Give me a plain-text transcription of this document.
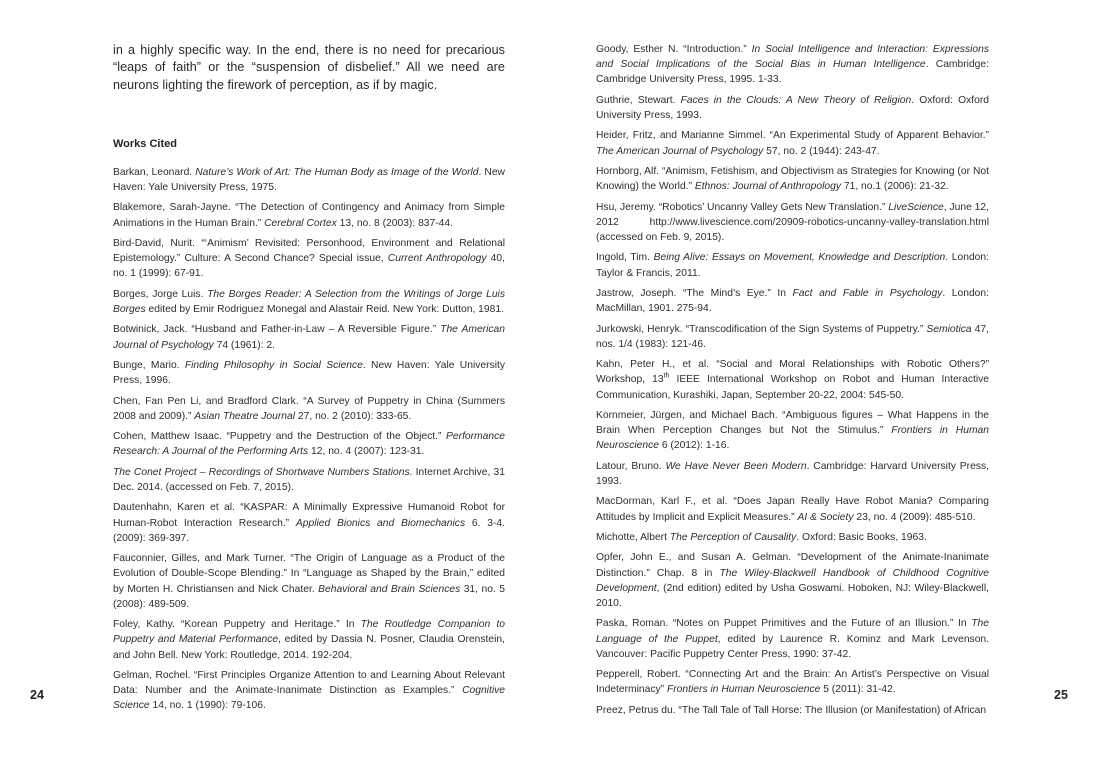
in a highly specific way. In the end, there is no need for precarious “leaps of faith” or the “suspension of disbelief.” All we need are neurons lighting the firework of perception, as if by magic.

Works Cited

Barkan, Leonard. Nature’s Work of Art: The Human Body as Image of the World. New Haven: Yale University Press, 1975.

Blakemore, Sarah-Jayne. “The Detection of Contingency and Animacy from Simple Animations in the Human Brain.” Cerebral Cortex 13, no. 8 (2003): 837-44.

Bird-David, Nurit. “‘Animism’ Revisited: Personhood, Environment and Relational Epistemology.” Culture: A Second Chance? Special issue, Current Anthropology 40, no. 1 (1999): 67-91.

Borges, Jorge Luis. The Borges Reader: A Selection from the Writings of Jorge Luis Borges edited by Emir Rodriguez Monegal and Alastair Reid. New York: Dutton, 1981.

Botwinick, Jack. “Husband and Father-in-Law – A Reversible Figure.” The American Journal of Psychology 74 (1961): 2.

Bunge, Mario. Finding Philosophy in Social Science. New Haven: Yale University Press, 1996.

Chen, Fan Pen Li, and Bradford Clark. “A Survey of Puppetry in China (Summers 2008 and 2009).” Asian Theatre Journal 27, no. 2 (2010): 333-65.

Cohen, Matthew Isaac. “Puppetry and the Destruction of the Object.” Performance Research: A Journal of the Performing Arts 12, no. 4 (2007): 123-31.

The Conet Project – Recordings of Shortwave Numbers Stations. Internet Archive, 31 Dec. 2014. (accessed on Feb. 7, 2015).

Dautenhahn, Karen et al. “KASPAR: A Minimally Expressive Humanoid Robot for Human-Robot Interaction Research.” Applied Bionics and Biomechanics 6. 3-4. (2009): 369-397.

Fauconnier, Gilles, and Mark Turner. “The Origin of Language as a Product of the Evolution of Double-Scope Blending.” In “Language as Shaped by the Brain,” edited by Morten H. Christiansen and Nick Chater. Behavioral and Brain Sciences 31, no. 5 (2008): 489-509.

Foley, Kathy. “Korean Puppetry and Heritage.” In The Routledge Companion to Puppetry and Material Performance, edited by Dassia N. Posner, Claudia Orenstein, and John Bell. New York: Routledge, 2014. 192-204.

Gelman, Rochel. “First Principles Organize Attention to and Learning About Relevant Data: Number and the Animate-Inanimate Distinction as Examples.” Cognitive Science 14, no. 1 (1990): 79-106.

Goody, Esther N. “Introduction.” In Social Intelligence and Interaction: Expressions and Social Implications of the Social Bias in Human Intelligence. Cambridge: Cambridge University Press, 1995. 1-33.

Guthrie, Stewart. Faces in the Clouds: A New Theory of Religion. Oxford: Oxford University Press, 1993.

Heider, Fritz, and Marianne Simmel. “An Experimental Study of Apparent Behavior.” The American Journal of Psychology 57, no. 2 (1944): 243-47.

Hornborg, Alf. “Animism, Fetishism, and Objectivism as Strategies for Knowing (or Not Knowing) the World.” Ethnos: Journal of Anthropology 71, no.1 (2006): 21-32.

Hsu, Jeremy. “Robotics’ Uncanny Valley Gets New Translation.” LiveScience, June 12, 2012 http://www.livescience.com/20909-robotics-uncanny-valley-translation.html (accessed on Feb. 9, 2015).

Ingold, Tim. Being Alive: Essays on Movement, Knowledge and Description. London: Taylor & Francis, 2011.

Jastrow, Joseph. “The Mind’s Eye.” In Fact and Fable in Psychology. London: MacMillan, 1901. 275-94.

Jurkowski, Henryk. “Transcodification of the Sign Systems of Puppetry.” Semiotica 47, nos. 1/4 (1983): 121-46.

Kahn, Peter H., et al. “Social and Moral Relationships with Robotic Others?” Workshop, 13th IEEE International Workshop on Robot and Human Interactive Communication, Kurashiki, Japan, September 20-22, 2004: 545-50.

Kornmeier, Jürgen, and Michael Bach. “Ambiguous figures – What Happens in the Brain When Perception Changes but Not the Stimulus.” Frontiers in Human Neuroscience 6 (2012): 1-16.

Latour, Bruno. We Have Never Been Modern. Cambridge: Harvard University Press, 1993.

MacDorman, Karl F., et al. “Does Japan Really Have Robot Mania? Comparing Attitudes by Implicit and Explicit Measures.” AI & Society 23, no. 4 (2009): 485-510.

Michotte, Albert The Perception of Causality. Oxford: Basic Books, 1963.

Opfer, John E., and Susan A. Gelman. “Development of the Animate-Inanimate Distinction.” Chap. 8 in The Wiley-Blackwell Handbook of Childhood Cognitive Development, (2nd edition) edited by Usha Goswami. Hoboken, NJ: Wiley-Blackwell, 2010.

Paska, Roman. “Notes on Puppet Primitives and the Future of an Illusion.” In The Language of the Puppet, edited by Laurence R. Kominz and Mark Levenson. Vancouver: Pacific Puppetry Center Press, 1990: 37-42.

Pepperell, Robert. “Connecting Art and the Brain: An Artist’s Perspective on Visual Indeterminacy” Frontiers in Human Neuroscience 5 (2011): 31-42.

Preez, Petrus du. “The Tall Tale of Tall Horse: The Illusion (or Manifestation) of African

24	25
